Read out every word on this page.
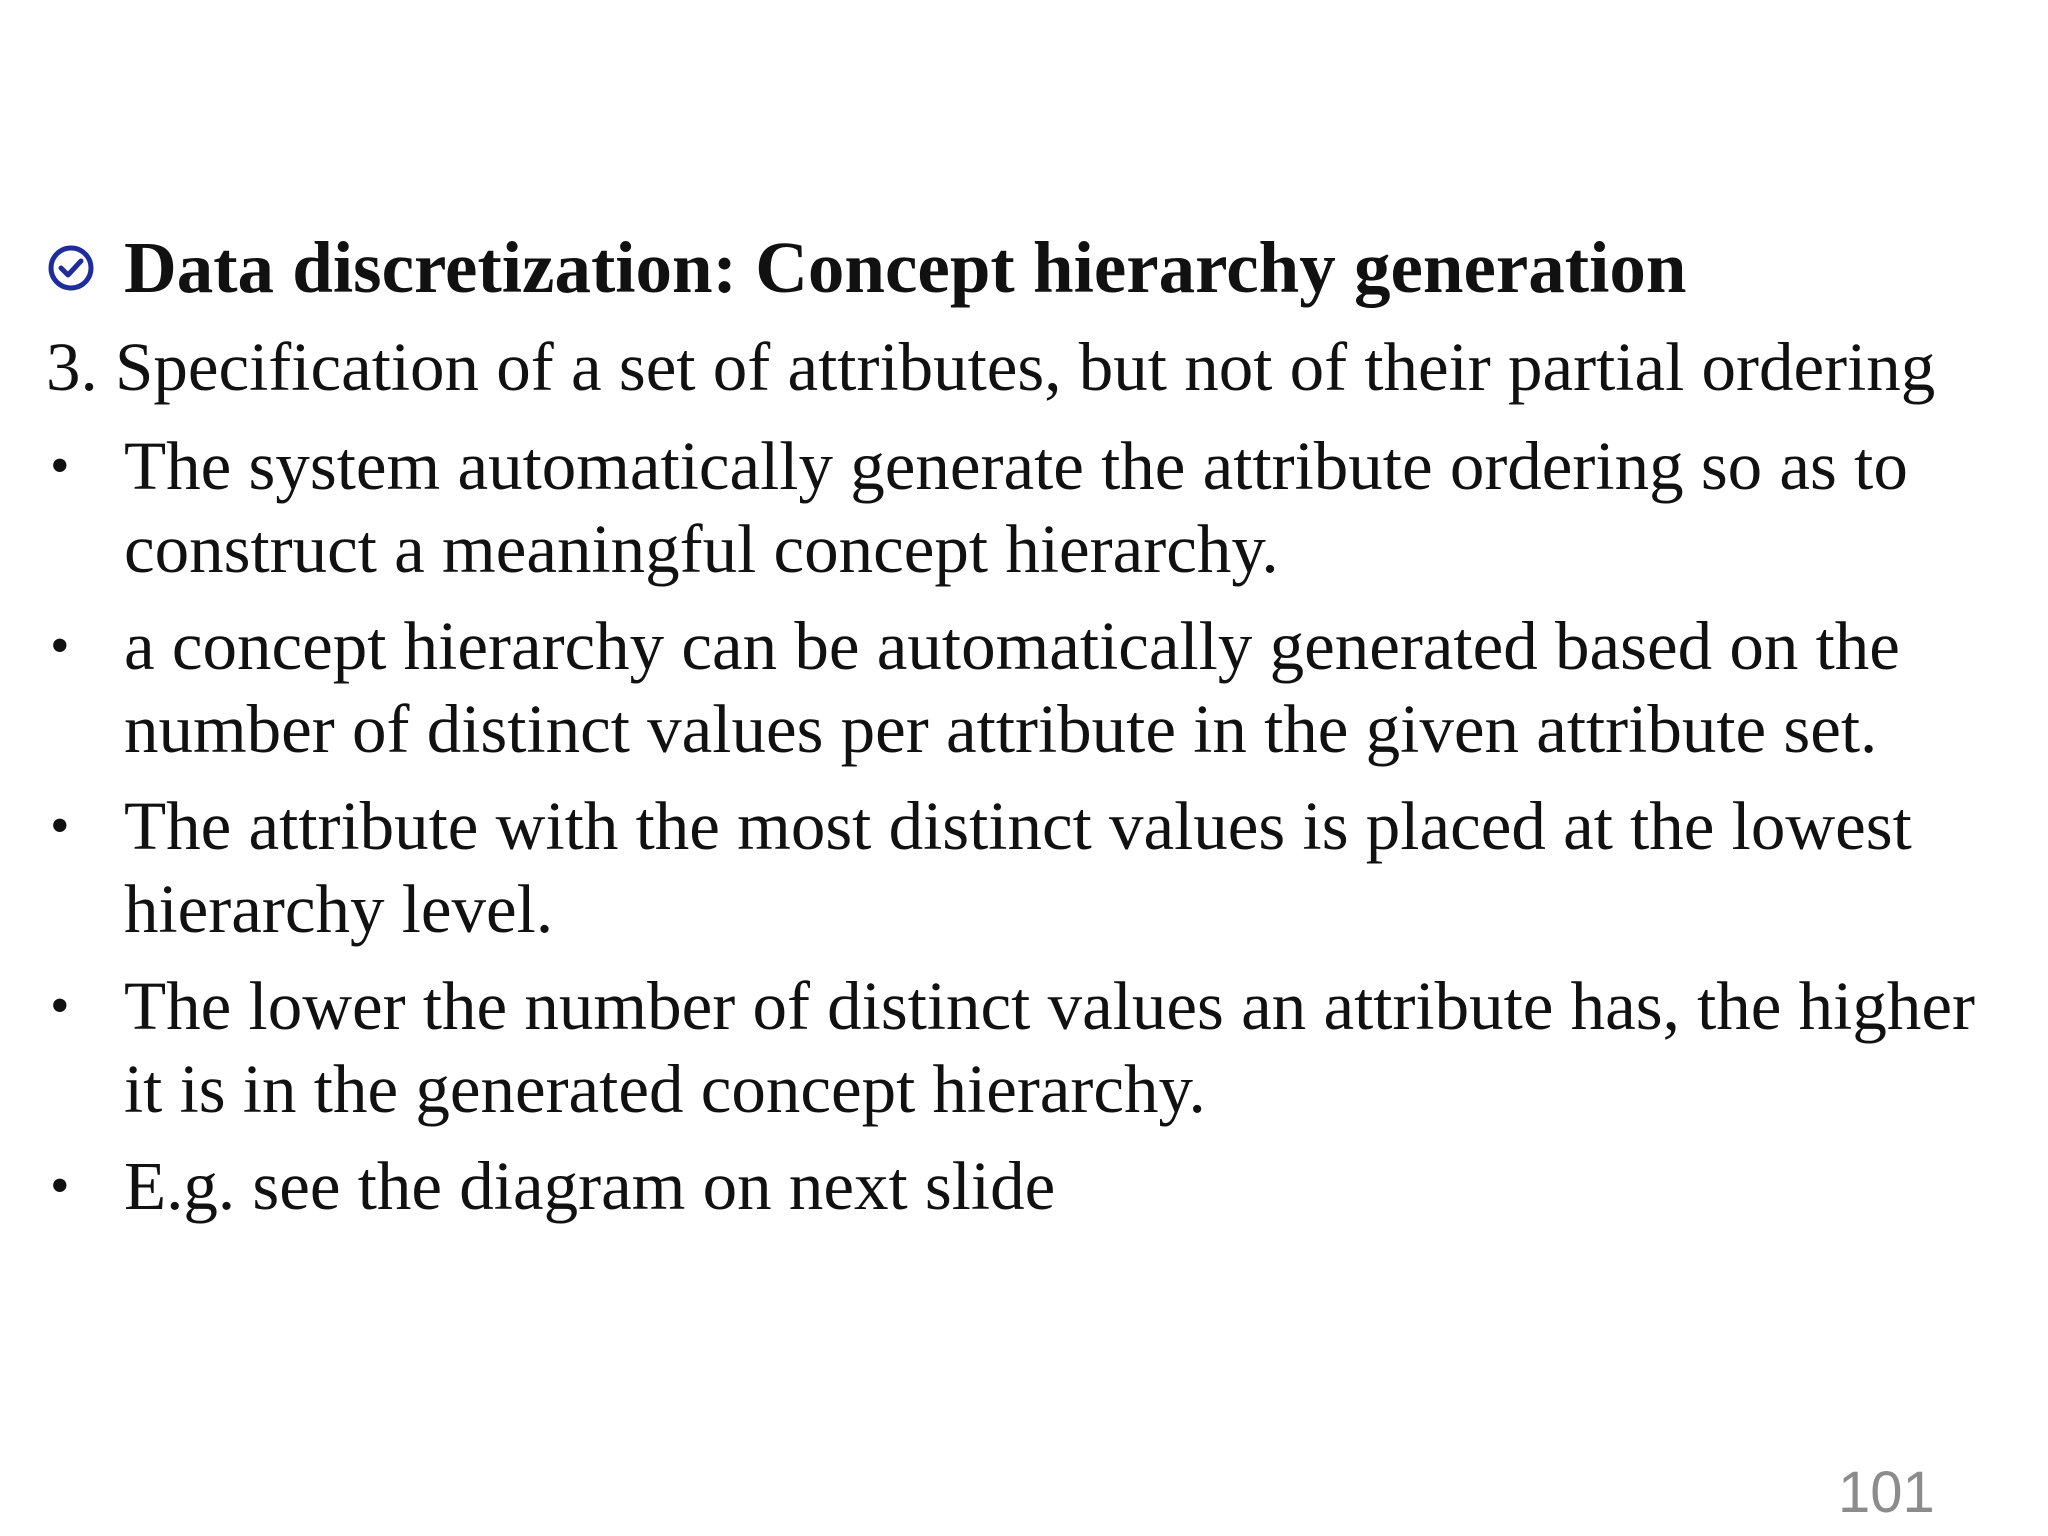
Data discretization: Concept hierarchy generation
3. Specification of a set of attributes, but not of their partial ordering
• The system automatically generate the attribute ordering so as to construct a meaningful concept hierarchy.
• a concept hierarchy can be automatically generated based on the number of distinct values per attribute in the given attribute set.
• The attribute with the most distinct values is placed at the lowest hierarchy level.
• The lower the number of distinct values an attribute has, the higher it is in the generated concept hierarchy.
• E.g. see the diagram on next slide
101
